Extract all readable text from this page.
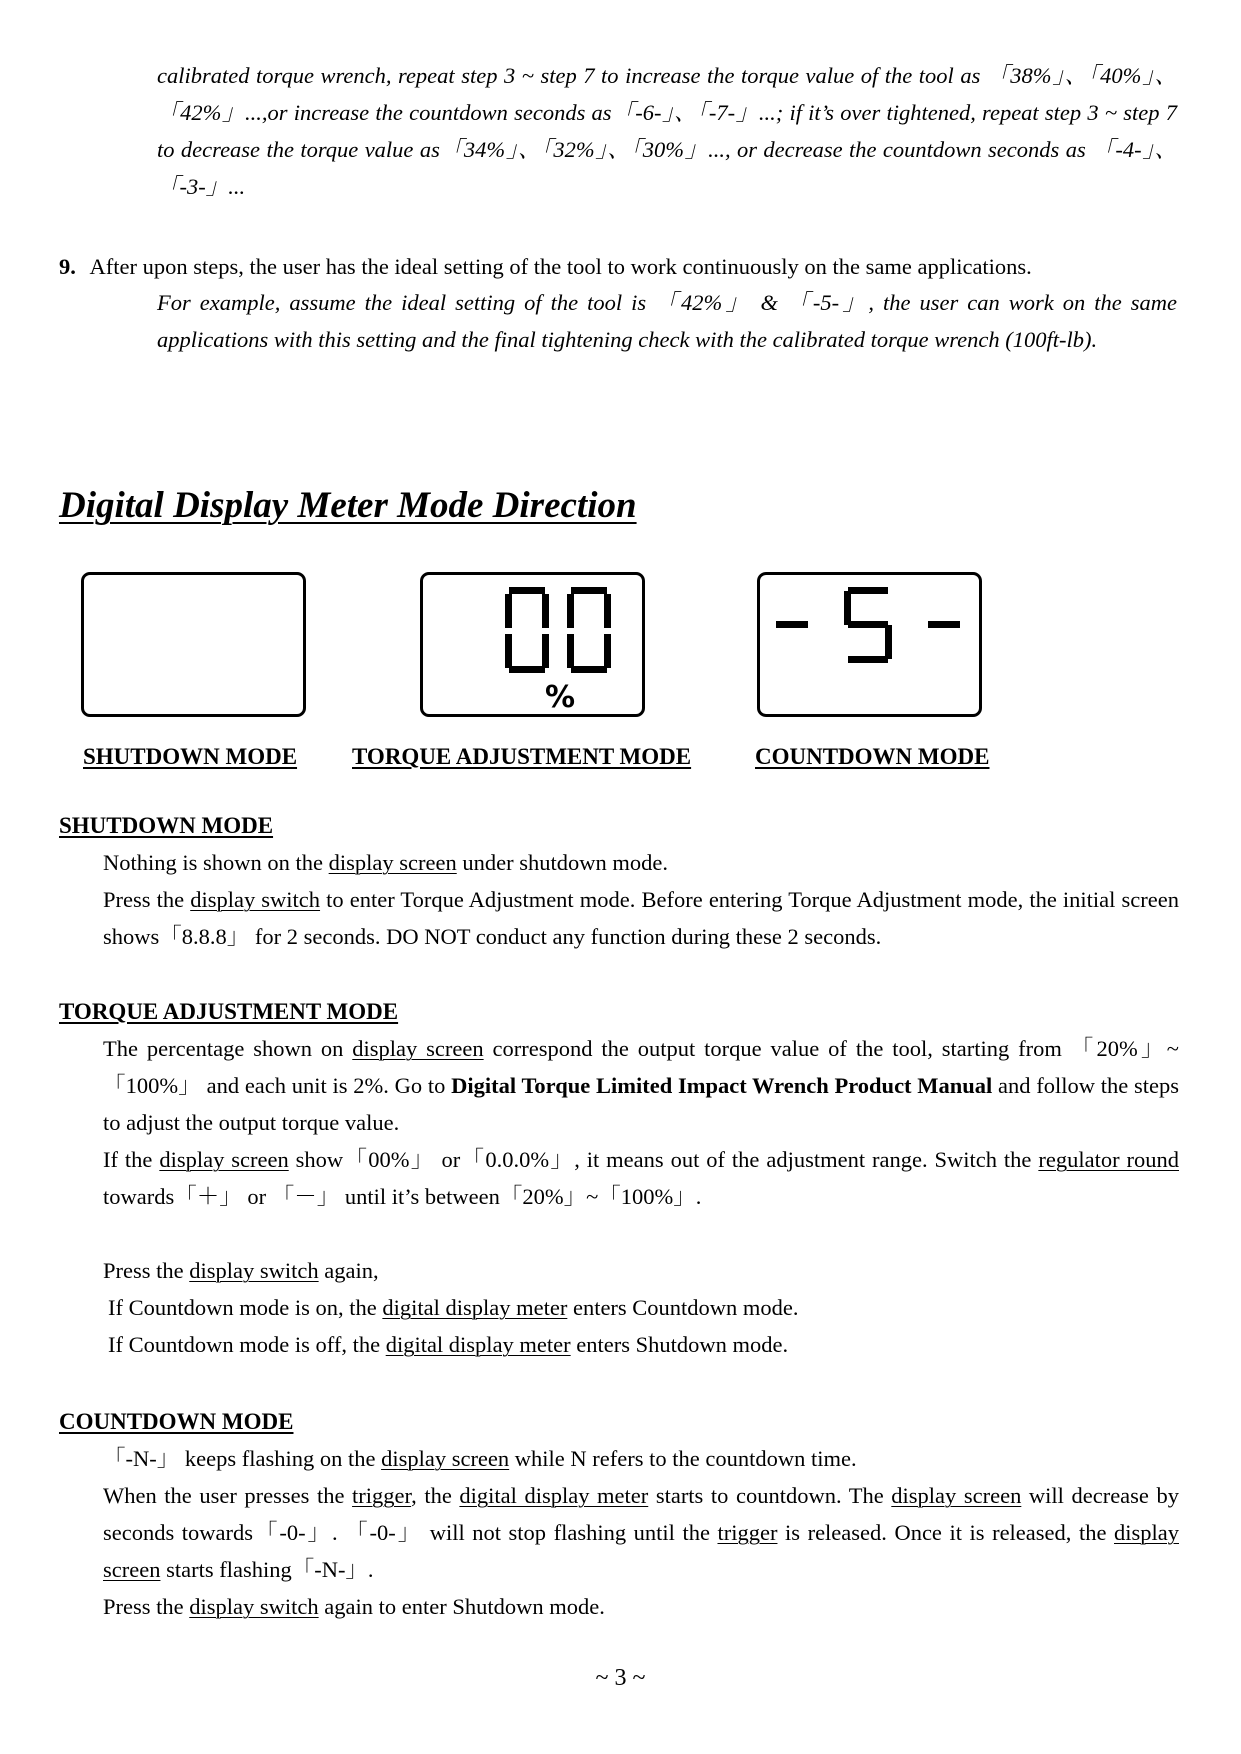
calibrated torque wrench, repeat step 3 ~ step 7 to increase the torque value of the tool as 「38%」、「40%」、「42%」...,or increase the countdown seconds as「-6-」、「-7-」...; if it’s over tightened, repeat step 3 ~ step 7 to decrease the torque value as「34%」、「32%」、「30%」..., or decrease the countdown seconds as 「-4-」、「-3-」...
9. After upon steps, the user has the ideal setting of the tool to work continuously on the same applications.
For example, assume the ideal setting of the tool is 「42%」 & 「-5-」, the user can work on the same applications with this setting and the final tightening check with the calibrated torque wrench (100ft-lb).
Digital Display Meter Mode Direction
%
SHUTDOWN MODE TORQUE ADJUSTMENT MODE	COUNTDOWN MODE
SHUTDOWN MODE

Nothing is shown on the display screen under shutdown mode.

Press the display switch to enter Torque Adjustment mode. Before entering Torque Adjustment mode, the initial screen shows「8.8.8」 for 2 seconds. DO NOT conduct any function during these 2 seconds.

TORQUE ADJUSTMENT MODE

The percentage shown on display screen correspond the output torque value of the tool, starting from 「20%」~「100%」 and each unit is 2%. Go to Digital Torque Limited Impact Wrench Product Manual and follow the steps to adjust the output torque value.

If the display screen show「00%」 or「0.0.0%」, it means out of the adjustment range. Switch the regulator round towards「＋」 or 「－」 until it’s between「20%」~「100%」.

Press the display switch again,

If Countdown mode is on, the digital display meter enters Countdown mode.

If Countdown mode is off, the digital display meter enters Shutdown mode.

COUNTDOWN MODE

「-N-」 keeps flashing on the display screen while N refers to the countdown time.

When the user presses the trigger, the digital display meter starts to countdown. The display screen will decrease by seconds towards「-0-」. 「-0-」 will not stop flashing until the trigger is released. Once it is released, the display screen starts flashing「-N-」.

Press the display switch again to enter Shutdown mode.

~ 3 ~
